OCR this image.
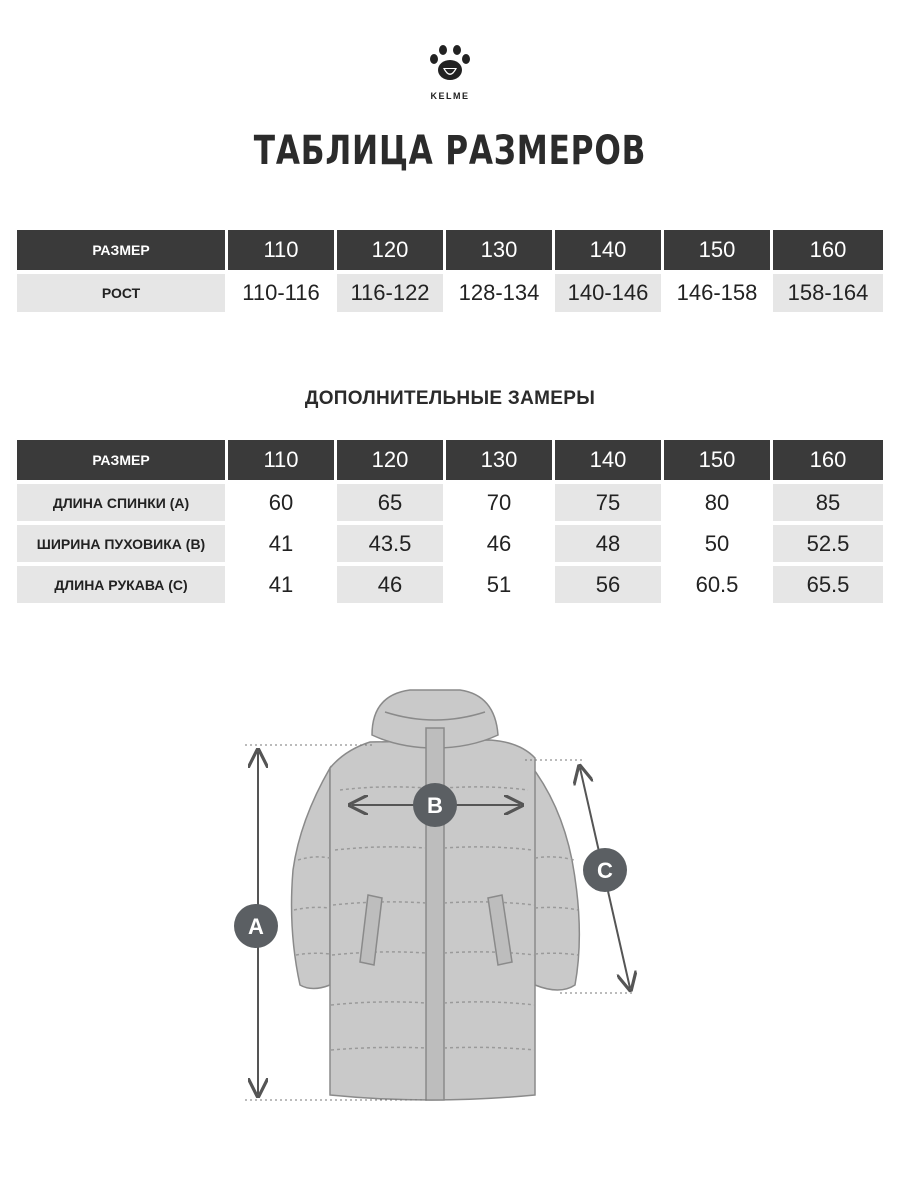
KELME
ТАБЛИЦА РАЗМЕРОВ
РАЗМЕР	110	120	130	140	150	160
РОСТ	110-116	116-122	128-134	140-146	146-158	158-164
ДОПОЛНИТЕЛЬНЫЕ ЗАМЕРЫ
РАЗМЕР	110	120	130	140	150	160
ДЛИНА СПИНКИ (А)	60	65	70	75	80	85
ШИРИНА ПУХОВИКА (В)	41	43.5	46	48	50	52.5
ДЛИНА РУКАВА (С)	41	46	51	56	60.5	65.5
A
B
C
